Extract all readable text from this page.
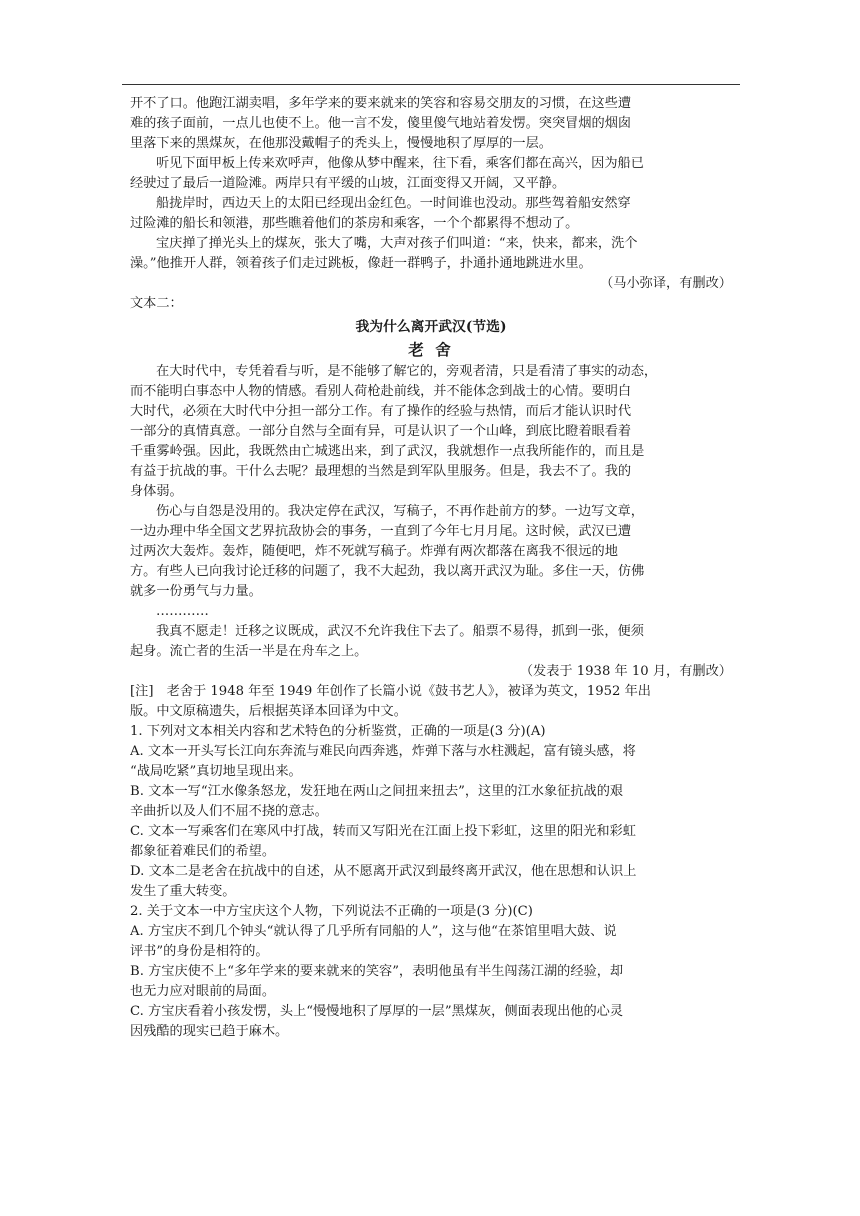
开不了口。他跑江湖卖唱，多年学来的要来就来的笑容和容易交朋友的习惯，在这些遭
难的孩子面前，一点儿也使不上。他一言不发，傻里傻气地站着发愣。突突冒烟的烟囱
里落下来的黑煤灰，在他那没戴帽子的秃头上，慢慢地积了厚厚的一层。
听见下面甲板上传来欢呼声，他像从梦中醒来，往下看，乘客们都在高兴，因为船已
经驶过了最后一道险滩。两岸只有平缓的山坡，江面变得又开阔，又平静。
船拢岸时，西边天上的太阳已经现出金红色。一时间谁也没动。那些驾着船安然穿
过险滩的船长和领港，那些瞧着他们的茶房和乘客，一个个都累得不想动了。
宝庆掸了掸光头上的煤灰，张大了嘴，大声对孩子们叫道：“来，快来，都来，洗个
澡。”他推开人群，领着孩子们走过跳板，像赶一群鸭子，扑通扑通地跳进水里。
（马小弥译，有删改）
文本二：
我为什么离开武汉(节选)
老 舍
在大时代中，专凭着看与听，是不能够了解它的，旁观者清，只是看清了事实的动态，
而不能明白事态中人物的情感。看别人荷枪赴前线，并不能体念到战士的心情。要明白
大时代，必须在大时代中分担一部分工作。有了操作的经验与热情，而后才能认识时代
一部分的真情真意。一部分自然与全面有异，可是认识了一个山峰，到底比瞪着眼看着
千重雾岭强。因此，我既然由亡城逃出来，到了武汉，我就想作一点我所能作的，而且是
有益于抗战的事。干什么去呢？最理想的当然是到军队里服务。但是，我去不了。我的
身体弱。
伤心与自怨是没用的。我决定停在武汉，写稿子，不再作赴前方的梦。一边写文章，
一边办理中华全国文艺界抗敌协会的事务，一直到了今年七月月尾。这时候，武汉已遭
过两次大轰炸。轰炸，随便吧，炸不死就写稿子。炸弹有两次都落在离我不很远的地
方。有些人已向我讨论迁移的问题了，我不大起劲，我以离开武汉为耻。多住一天，仿佛
就多一份勇气与力量。
…………
我真不愿走！迁移之议既成，武汉不允许我住下去了。船票不易得，抓到一张，便须
起身。流亡者的生活一半是在舟车之上。
（发表于 1938 年 10 月，有删改）
[注]　老舍于 1948 年至 1949 年创作了长篇小说《鼓书艺人》，被译为英文，1952 年出
版。中文原稿遗失，后根据英译本回译为中文。
1. 下列对文本相关内容和艺术特色的分析鉴赏，正确的一项是(3 分)(A)
A. 文本一开头写长江向东奔流与难民向西奔逃，炸弹下落与水柱溅起，富有镜头感，将
“战局吃紧”真切地呈现出来。
B. 文本一写“江水像条怒龙，发狂地在两山之间扭来扭去”，这里的江水象征抗战的艰
辛曲折以及人们不屈不挠的意志。
C. 文本一写乘客们在寒风中打战，转而又写阳光在江面上投下彩虹，这里的阳光和彩虹
都象征着难民们的希望。
D. 文本二是老舍在抗战中的自述，从不愿离开武汉到最终离开武汉，他在思想和认识上
发生了重大转变。
2. 关于文本一中方宝庆这个人物，下列说法不正确的一项是(3 分)(C)
A. 方宝庆不到几个钟头“就认得了几乎所有同船的人”，这与他“在茶馆里唱大鼓、说
评书”的身份是相符的。
B. 方宝庆使不上“多年学来的要来就来的笑容”，表明他虽有半生闯荡江湖的经验，却
也无力应对眼前的局面。
C. 方宝庆看着小孩发愣，头上“慢慢地积了厚厚的一层”黑煤灰，侧面表现出他的心灵
因残酷的现实已趋于麻木。
